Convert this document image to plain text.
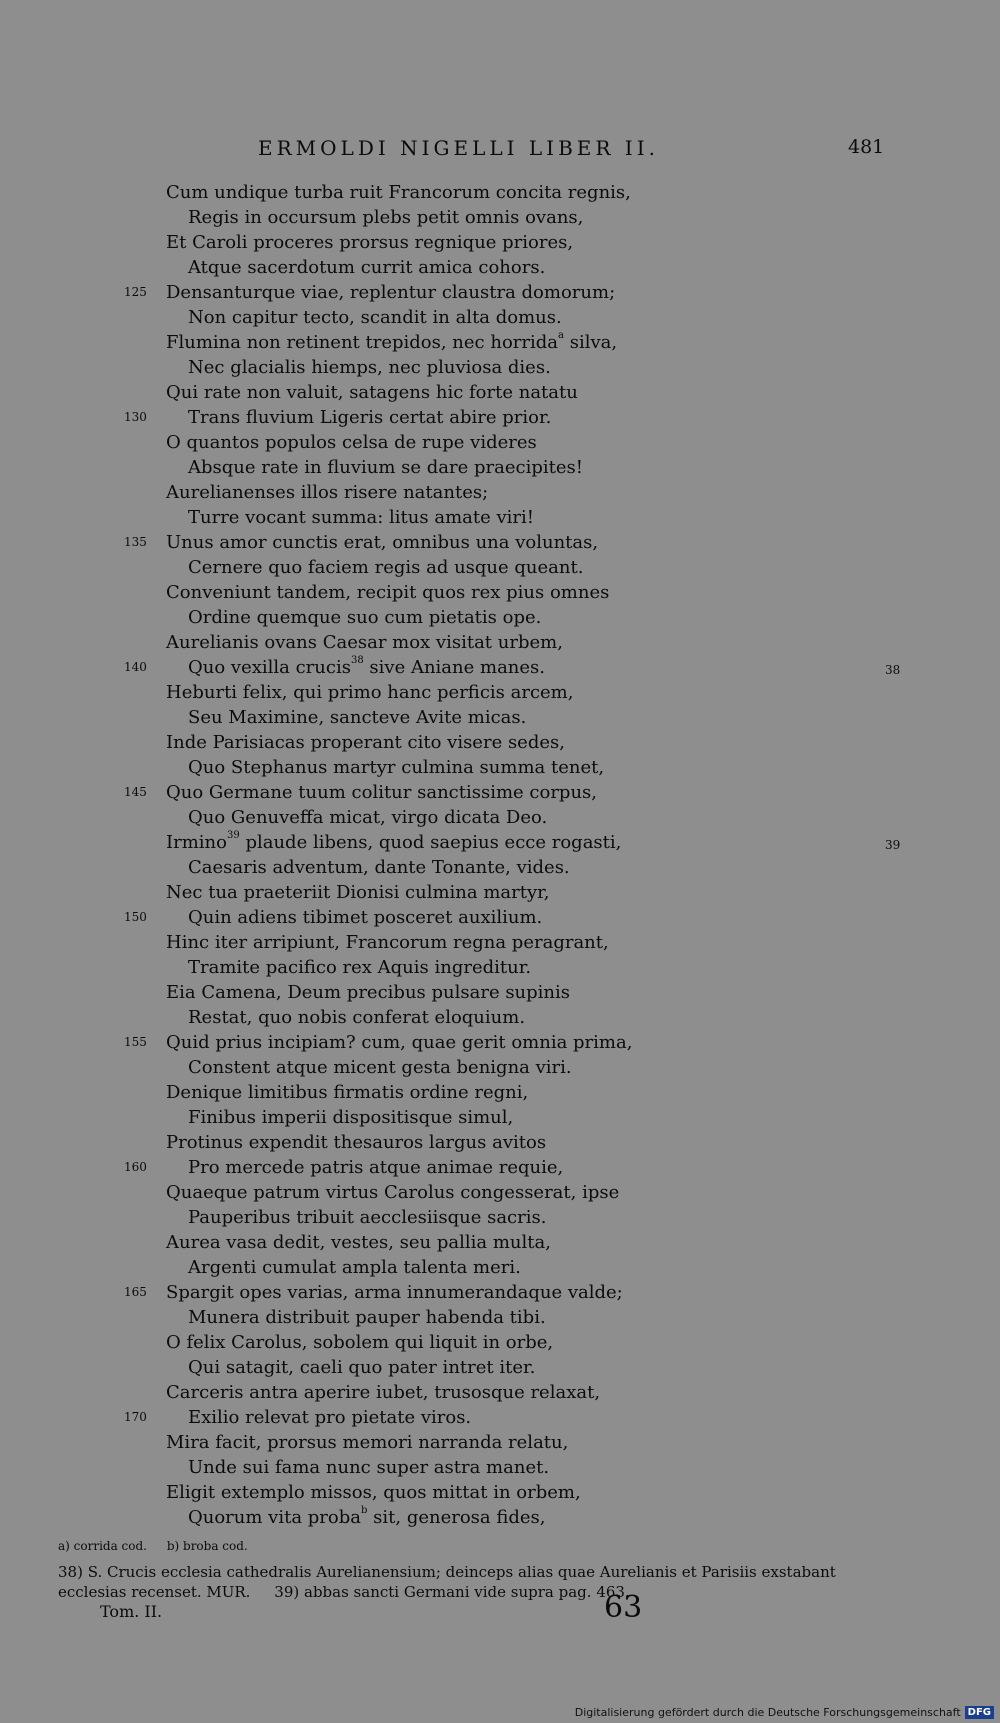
ERMOLDI NIGELLI LIBER II.	481
Cum undique turba ruit Francorum concita regnis,
Regis in occursum plebs petit omnis ovans,
Et Caroli proceres prorsus regnique priores,
Atque sacerdotum currit amica cohors.
125	Densanturque viae, replentur claustra domorum;
Non capitur tecto, scandit in alta domus.
Flumina non retinent trepidos, nec horrida$^a$ silva,
Nec glacialis hiemps, nec pluviosa dies.
Qui rate non valuit, satagens hic forte natatu
130	Trans fluvium Ligeris certat abire prior.
O quantos populos celsa de rupe videres
Absque rate in fluvium se dare praecipites!
Aurelianenses illos risere natantes;
Turre vocant summa: litus amate viri!
135	Unus amor cunctis erat, omnibus una voluntas,
Cernere quo faciem regis ad usque queant.
Conveniunt tandem, recipit quos rex pius omnes
Ordine quemque suo cum pietatis ope.
Aurelianis ovans Caesar mox visitat urbem,
140	Quo vexilla crucis$^{38}$ sive Aniane manes.	38
Heburti felix, qui primo hanc perficis arcem,
Seu Maximine, sancteve Avite micas.
Inde Parisiacas properant cito visere sedes,
Quo Stephanus martyr culmina summa tenet,
145	Quo Germane tuum colitur sanctissime corpus,
Quo Genuveffa micat, virgo dicata Deo.
Irmino$^{39}$ plaude libens, quod saepius ecce rogasti,	39
Caesaris adventum, dante Tonante, vides.
Nec tua praeteriit Dionisi culmina martyr,
150	Quin adiens tibimet posceret auxilium.
Hinc iter arripiunt, Francorum regna peragrant,
Tramite pacifico rex Aquis ingreditur.
Eia Camena, Deum precibus pulsare supinis
Restat, quo nobis conferat eloquium.
155	Quid prius incipiam? cum, quae gerit omnia prima,
Constent atque micent gesta benigna viri.
Denique limitibus firmatis ordine regni,
Finibus imperii dispositisque simul,
Protinus expendit thesauros largus avitos
160	Pro mercede patris atque animae requie,
Quaeque patrum virtus Carolus congesserat, ipse
Pauperibus tribuit aecclesiisque sacris.
Aurea vasa dedit, vestes, seu pallia multa,
Argenti cumulat ampla talenta meri.
165	Spargit opes varias, arma innumerandaque valde;
Munera distribuit pauper habenda tibi.
O felix Carolus, sobolem qui liquit in orbe,
Qui satagit, caeli quo pater intret iter.
Carceris antra aperire iubet, trusosque relaxat,
170	Exilio relevat pro pietate viros.
Mira facit, prorsus memori narranda relatu,
Unde sui fama nunc super astra manet.
Eligit extemplo missos, quos mittat in orbem,
Quorum vita proba$^b$ sit, generosa fides,
a) corrida cod. b) broba cod.
38) S. Crucis ecclesia cathedralis Aurelianensium; deinceps alias quae Aurelianis et Parisiis exstabant ecclesias recenset. MUR. 39) abbas sancti Germani vide supra pag. 463.
Tom. II.	63
Digitalisierung gefördert durch die Deutsche Forschungsgemeinschaft DFG
